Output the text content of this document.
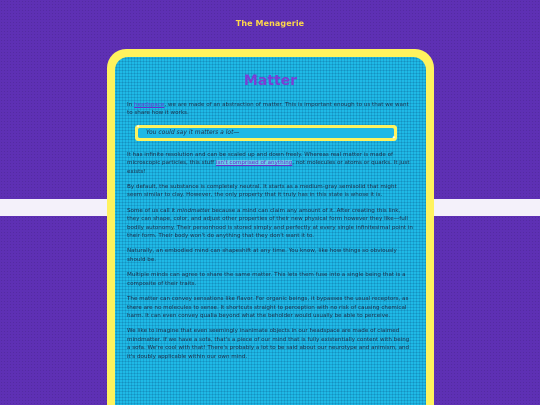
The Menagerie
Matter

In headspace, we are made of an abstraction of matter. This is important enough to us that we want to share how it works.

You could say it matters a lot—
✦
✦

It has infinite resolution and can be scaled up and down freely. Whereas real matter is made of microscopic particles, this stuff isn't comprised of anything, not molecules or atoms or quarks. It just exists!

By default, the substance is completely neutral. It starts as a medium-gray semisolid that might seem similar to clay. However, the only property that it truly has in this state is whose it is.

Some of us call it mindmatter because a mind can claim any amount of it. After creating this link, they can shape, color, and adjust other properties of their new physical form however they like—full bodily autonomy. Their personhood is stored simply and perfectly at every single infinitesimal point in their form. Their body won't do anything that they don't want it to.

Naturally, an embodied mind can shapeshift at any time. You know, like how things so obviously should be.

Multiple minds can agree to share the same matter. This lets them fuse into a single being that is a composite of their traits.

The matter can convey sensations like flavor. For organic beings, it bypasses the usual receptors, as there are no molecules to sense. It shortcuts straight to perception with no risk of causing chemical harm. It can even convey qualia beyond what the beholder would usually be able to perceive.

We like to imagine that even seemingly inanimate objects in our headspace are made of claimed mindmatter. If we have a sofa, that's a piece of our mind that is fully existentially content with being a sofa. We're cool with that! There's probably a lot to be said about our neurotype and animism, and it's doubly applicable within our own mind.
